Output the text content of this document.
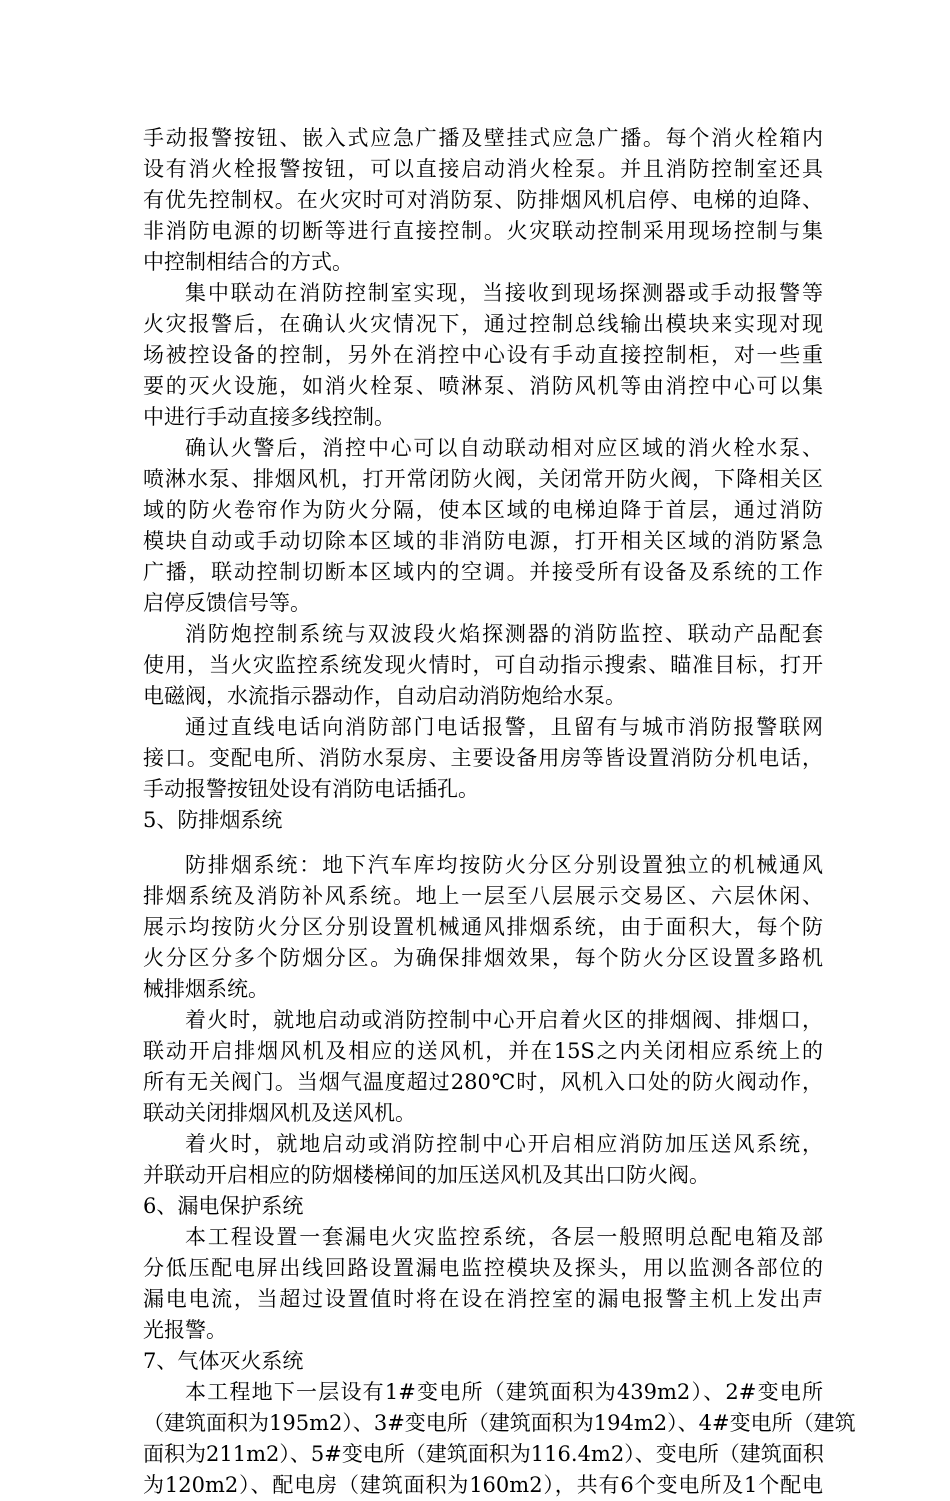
手动报警按钮、嵌入式应急广播及壁挂式应急广播。每个消火栓箱内
设有消火栓报警按钮，可以直接启动消火栓泵。并且消防控制室还具
有优先控制权。在火灾时可对消防泵、防排烟风机启停、电梯的迫降、
非消防电源的切断等进行直接控制。火灾联动控制采用现场控制与集
中控制相结合的方式。
集中联动在消防控制室实现，当接收到现场探测器或手动报警等
火灾报警后，在确认火灾情况下，通过控制总线输出模块来实现对现
场被控设备的控制，另外在消控中心设有手动直接控制柜，对一些重
要的灭火设施，如消火栓泵、喷淋泵、消防风机等由消控中心可以集
中进行手动直接多线控制。
确认火警后，消控中心可以自动联动相对应区域的消火栓水泵、
喷淋水泵、排烟风机，打开常闭防火阀，关闭常开防火阀，下降相关区
域的防火卷帘作为防火分隔，使本区域的电梯迫降于首层，通过消防
模块自动或手动切除本区域的非消防电源，打开相关区域的消防紧急
广播，联动控制切断本区域内的空调。并接受所有设备及系统的工作
启停反馈信号等。
消防炮控制系统与双波段火焰探测器的消防监控、联动产品配套
使用，当火灾监控系统发现火情时，可自动指示搜索、瞄准目标，打开
电磁阀，水流指示器动作，自动启动消防炮给水泵。
通过直线电话向消防部门电话报警，且留有与城市消防报警联网
接口。变配电所、消防水泵房、主要设备用房等皆设置消防分机电话，
手动报警按钮处设有消防电话插孔。
5、防排烟系统
防排烟系统：地下汽车库均按防火分区分别设置独立的机械通风
排烟系统及消防补风系统。地上一层至八层展示交易区、六层休闲、
展示均按防火分区分别设置机械通风排烟系统，由于面积大，每个防
火分区分多个防烟分区。为确保排烟效果，每个防火分区设置多路机
械排烟系统。
着火时，就地启动或消防控制中心开启着火区的排烟阀、排烟口，
联动开启排烟风机及相应的送风机，并在15S之内关闭相应系统上的
所有无关阀门。当烟气温度超过280℃时，风机入口处的防火阀动作，
联动关闭排烟风机及送风机。
着火时，就地启动或消防控制中心开启相应消防加压送风系统，
并联动开启相应的防烟楼梯间的加压送风机及其出口防火阀。
6、漏电保护系统
本工程设置一套漏电火灾监控系统，各层一般照明总配电箱及部
分低压配电屏出线回路设置漏电监控模块及探头，用以监测各部位的
漏电电流，当超过设置值时将在设在消控室的漏电报警主机上发出声
光报警。
7、气体灭火系统
本工程地下一层设有1#变电所（建筑面积为439m2）、2#变电所
（建筑面积为195m2）、3#变电所（建筑面积为194m2）、4#变电所（建筑
面积为211m2）、5#变电所（建筑面积为116.4m2）、变电所（建筑面积
为120m2）、配电房（建筑面积为160m2），共有6个变电所及1个配电
